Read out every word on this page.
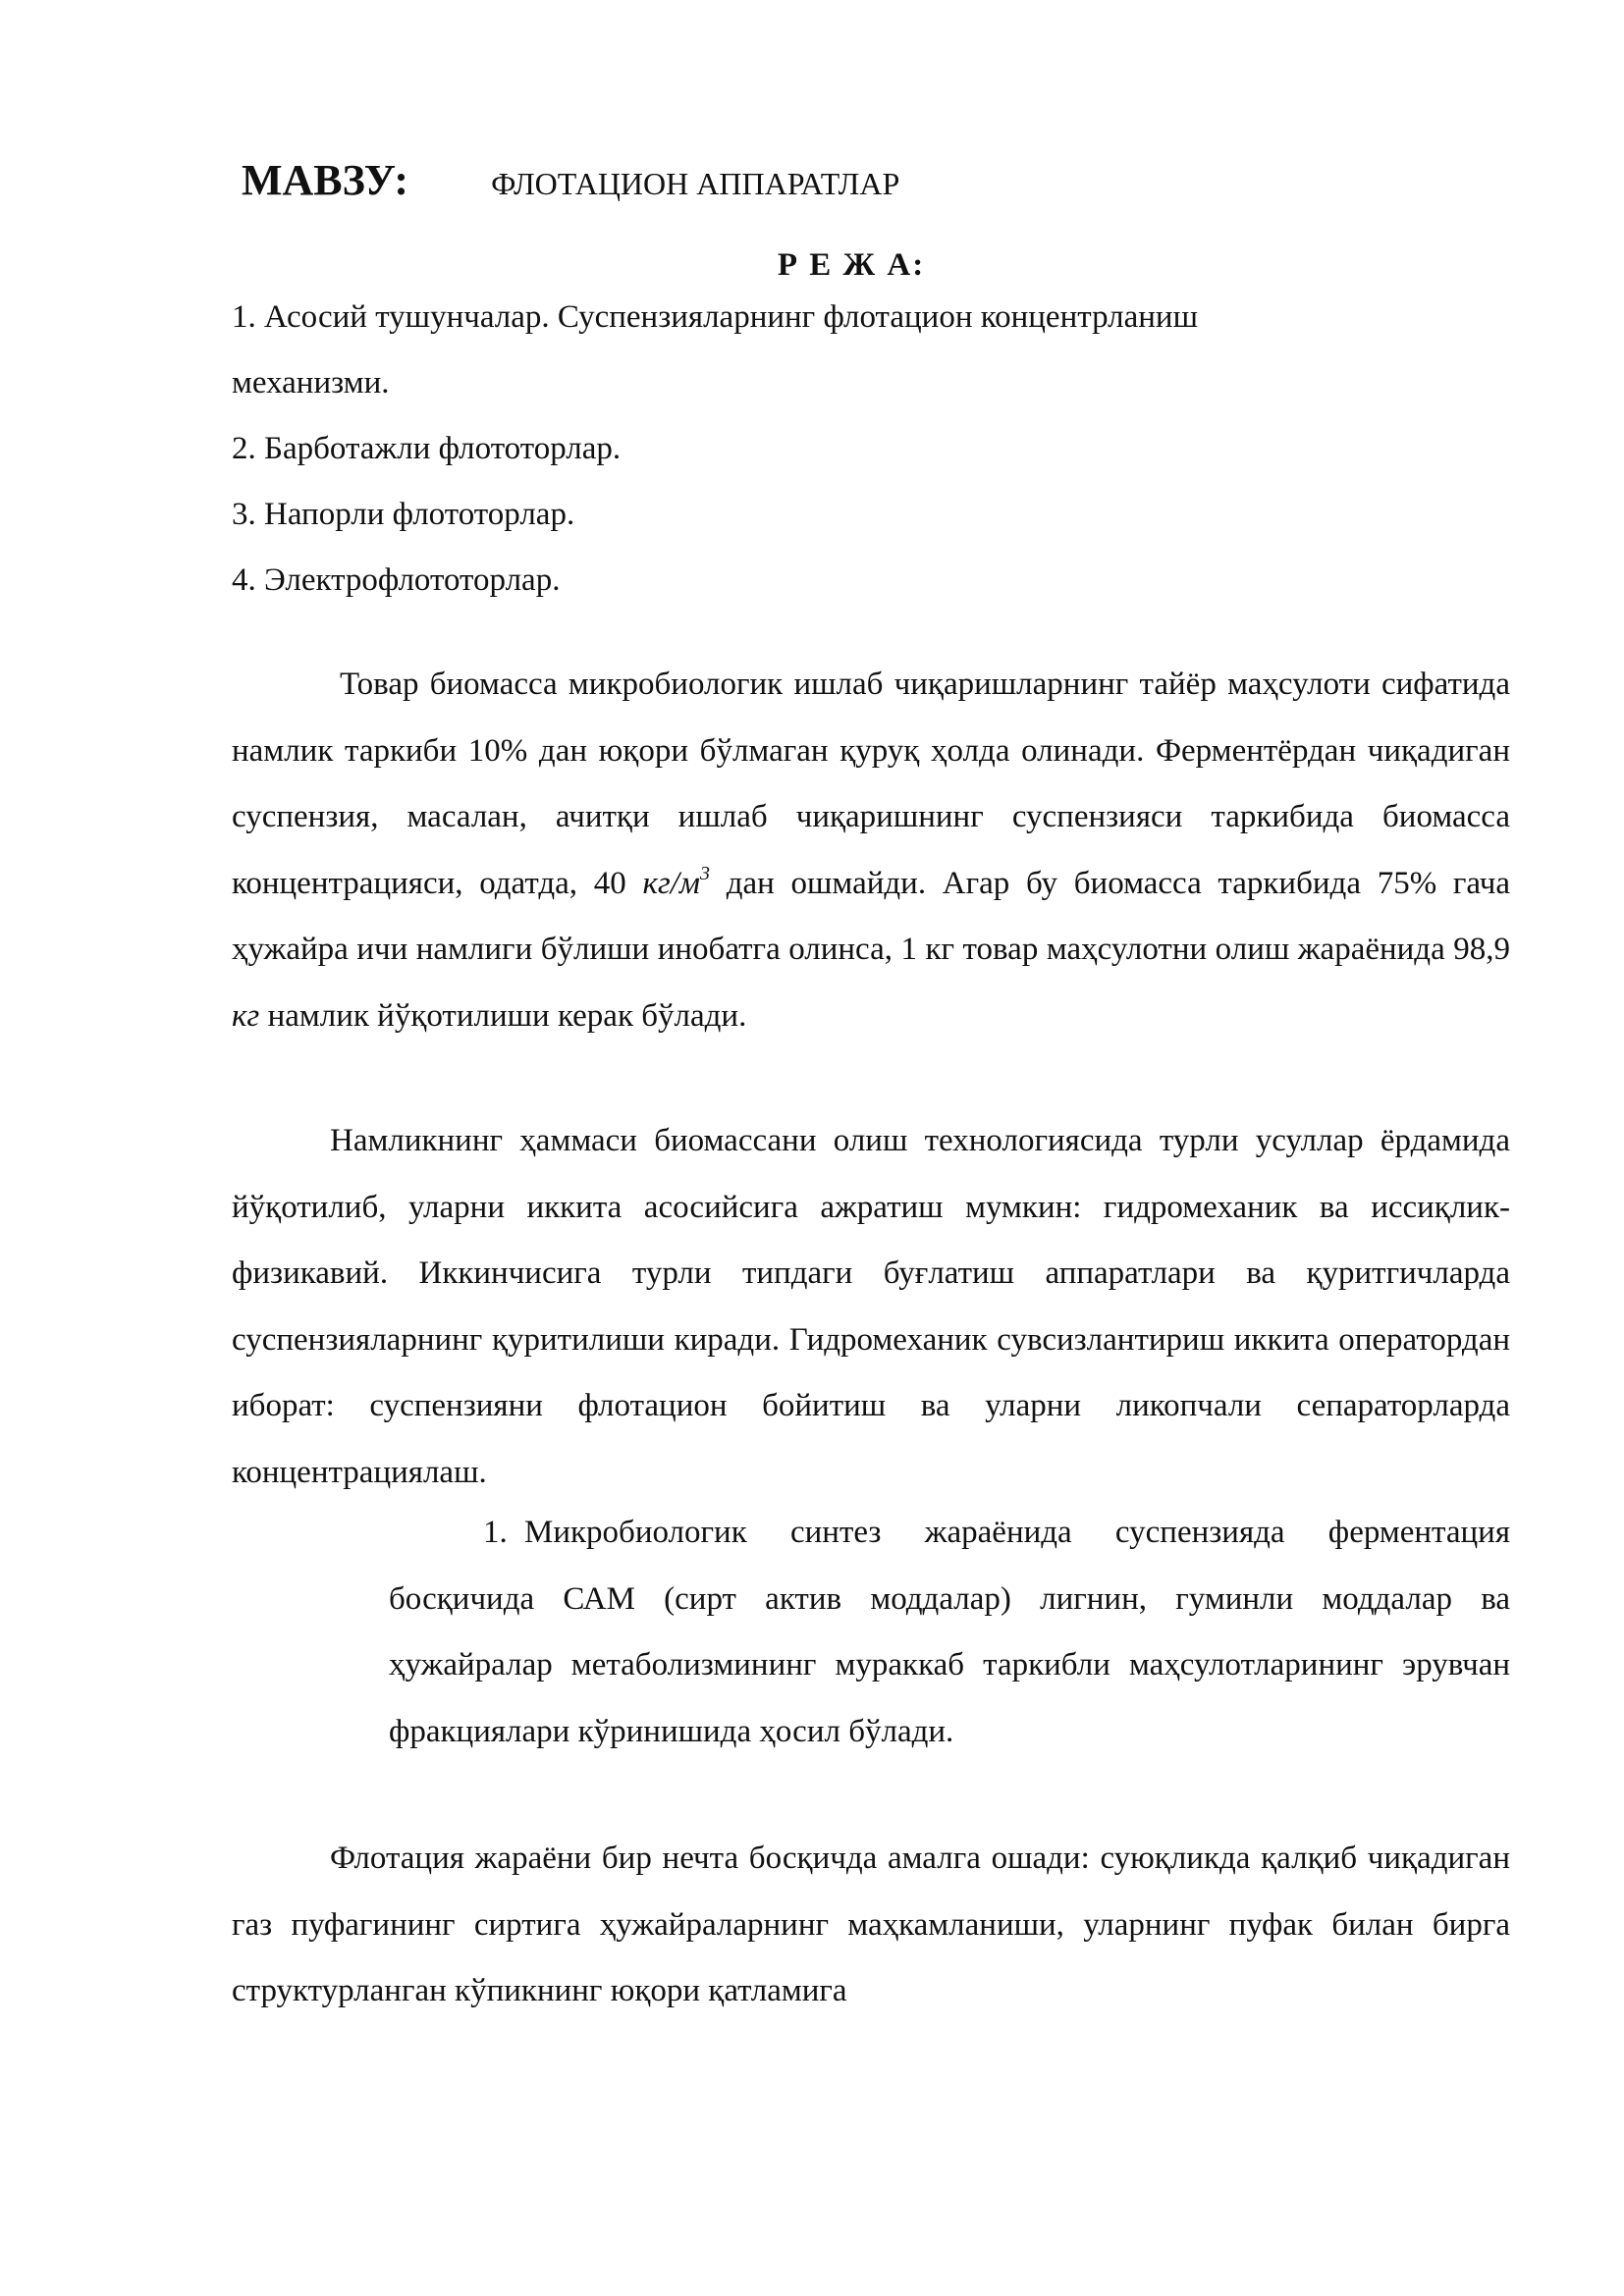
МАВЗУ:	ФЛОТАЦИОН АППАРАТЛАР
Р Е Ж А:
1. Асосий тушунчалар. Суспензияларнинг флотацион концентрланиш
механизми.
2. Барботажли флототорлар.
3. Напорли флототорлар.
4. Электрофлототорлар.
Товар биомасса микробиологик ишлаб чиқаришларнинг тайёр маҳсулоти сифатида намлик таркиби 10% дан юқори бўлмаган қуруқ ҳолда олинади. Ферментёрдан чиқадиган суспензия, масалан, ачитқи ишлаб чиқаришнинг суспензияси таркибида биомасса концентрацияси, одатда, 40 $кг/м^3$ дан ошмайди. Агар бу биомасса таркибида 75% гача ҳужайра ичи намлиги бўлиши инобатга олинса, 1 кг товар маҳсулотни олиш жараёнида 98,9 кг намлик йўқотилиши керак бўлади.
Намликнинг ҳаммаси биомассани олиш технологиясида турли усуллар ёрдамида йўқотилиб, уларни иккита асосийсига ажратиш мумкин: гидромеханик ва иссиқлик-физикавий. Иккинчисига турли типдаги буғлатиш аппаратлари ва қуритгичларда суспензияларнинг қуритилиши киради. Гидромеханик сувсизлантириш иккита оператордан иборат: суспензияни флотацион бойитиш ва уларни ликопчали сепараторларда концентрациялаш.
1. Микробиологик синтез жараёнида суспензияда ферментация босқичида САМ (сирт актив моддалар) лигнин, гуминли моддалар ва ҳужайралар метаболизмининг мураккаб таркибли маҳсулотларининг эрувчан фракциялари кўринишида ҳосил бўлади.
Флотация жараёни бир нечта босқичда амалга ошади: суюқликда қалқиб чиқадиган газ пуфагининг сиртига ҳужайраларнинг маҳкамланиши, уларнинг пуфак билан бирга структурланган кўпикнинг юқори қатламига
